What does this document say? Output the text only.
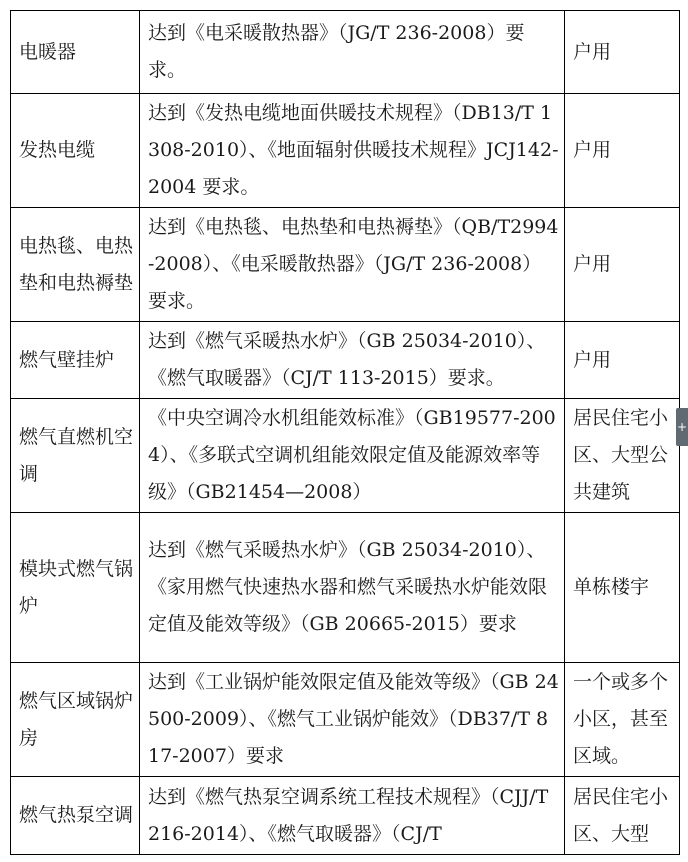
电暖器	达到《电采暖散热器》（JG/T 236-2008）要求。	户用
发热电缆	达到《发热电缆地面供暖技术规程》（DB13/T 1308-2010）、《地面辐射供暖技术规程》JCJ142-2004 要求。	户用
电热毯、电热垫和电热褥垫	达到《电热毯、电热垫和电热褥垫》（QB/T2994-2008）、《电采暖散热器》（JG/T 236-2008）要求。	户用
燃气壁挂炉	达到《燃气采暖热水炉》（GB 25034-2010）、《燃气取暖器》（CJ/T 113-2015）要求。	户用
燃气直燃机空调	《中央空调冷水机组能效标准》（GB19577-2004）、《多联式空调机组能效限定值及能源效率等级》（GB21454—2008）	居民住宅小区、大型公共建筑
模块式燃气锅炉	达到《燃气采暖热水炉》（GB 25034-2010）、《家用燃气快速热水器和燃气采暖热水炉能效限定值及能效等级》（GB 20665-2015）要求	单栋楼宇
燃气区域锅炉房	达到《工业锅炉能效限定值及能效等级》（GB 24500-2009）、《燃气工业锅炉能效》（DB37/T 817-2007）要求	一个或多个小区，甚至区域。
燃气热泵空调	达到《燃气热泵空调系统工程技术规程》（CJJ/T 216-2014）、《燃气取暖器》（CJ/T	居民住宅小区、大型
+
